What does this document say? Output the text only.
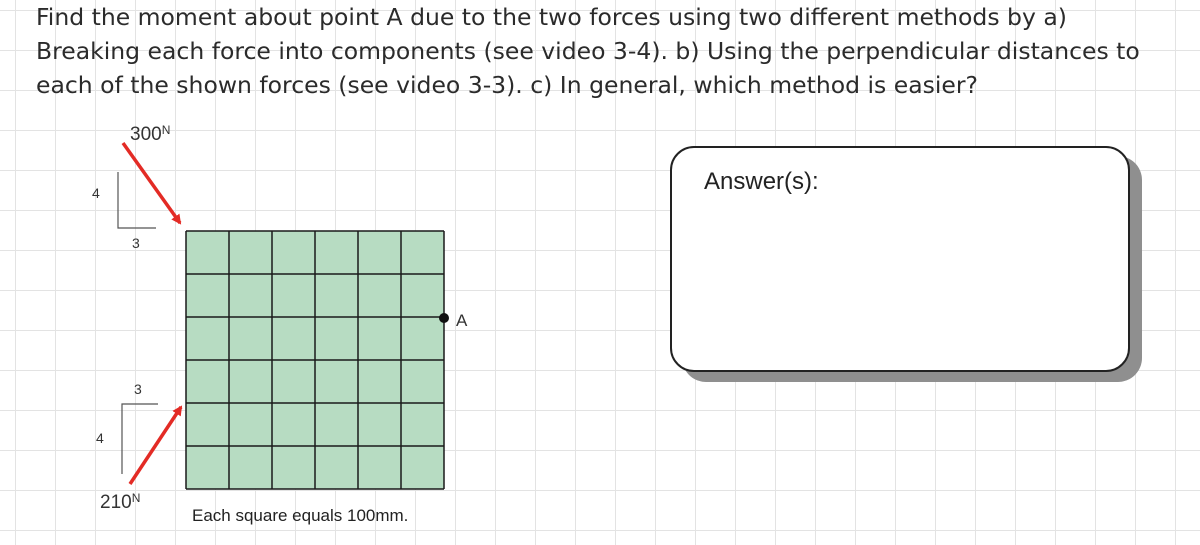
Find the moment about point A due to the two forces using two different methods by a)
Breaking each force into components (see video 3-4). b) Using the perpendicular distances to
each of the shown forces (see video 3-3). c) In general, which method is easier?
A
$300^N$
4
3
$210^N$
3
4
Each square equals 100mm.
Answer(s):
